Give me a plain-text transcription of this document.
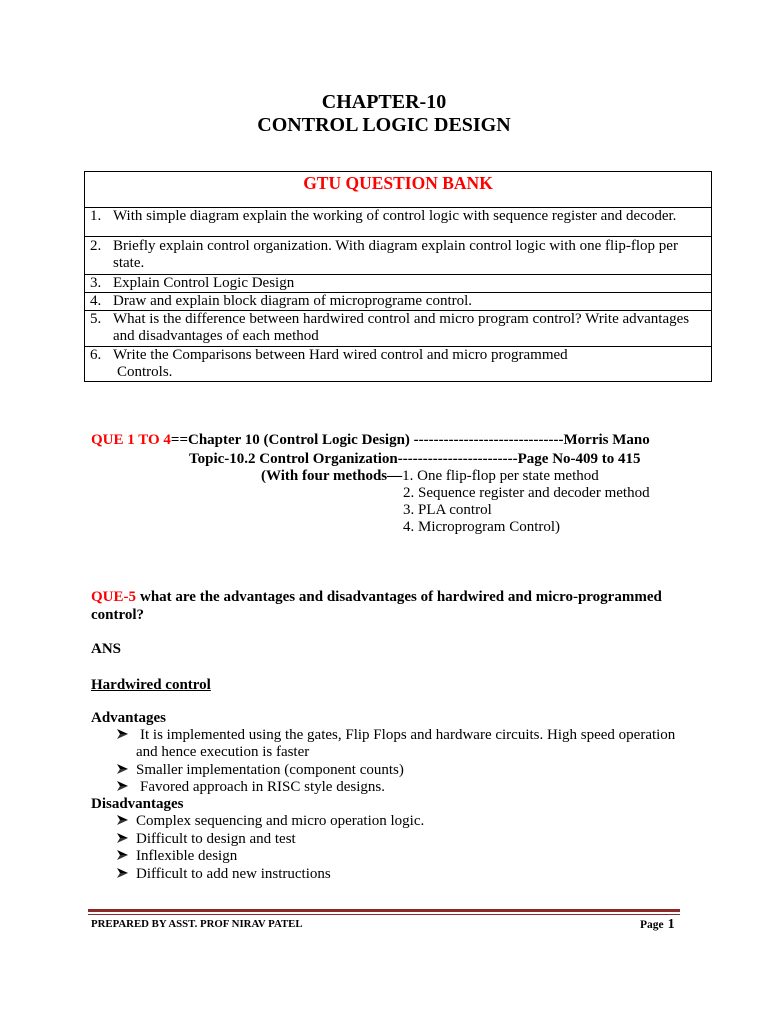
CHAPTER-10
CONTROL LOGIC DESIGN
GTU QUESTION BANK
1. With simple diagram explain the working of control logic with sequence register and decoder.
2. Briefly explain control organization. With diagram explain control logic with one flip-flop per
state.
3. Explain Control Logic Design
4. Draw and explain block diagram of microprograme control.
5. What is the difference between hardwired control and micro program control? Write advantages
and disadvantages of each method
6. Write the Comparisons between Hard wired control and micro programmed
Controls.
QUE 1 TO 4==Chapter 10 (Control Logic Design) ------------------------------Morris Mano
Topic-10.2 Control Organization------------------------Page No-409 to 415
(With four methods—1. One flip-flop per state method
2. Sequence register and decoder method
3. PLA control
4. Microprogram Control)
QUE-5 what are the advantages and disadvantages of hardwired and micro-programmed
control?
ANS
Hardwired control
Advantages
It is implemented using the gates, Flip Flops and hardware circuits. High speed operation
and hence execution is faster
Smaller implementation (component counts)
Favored approach in RISC style designs.
Disadvantages
Complex sequencing and micro operation logic.
Difficult to design and test
Inflexible design
Difficult to add new instructions
PREPARED BY ASST. PROF NIRAV PATEL	Page 1
